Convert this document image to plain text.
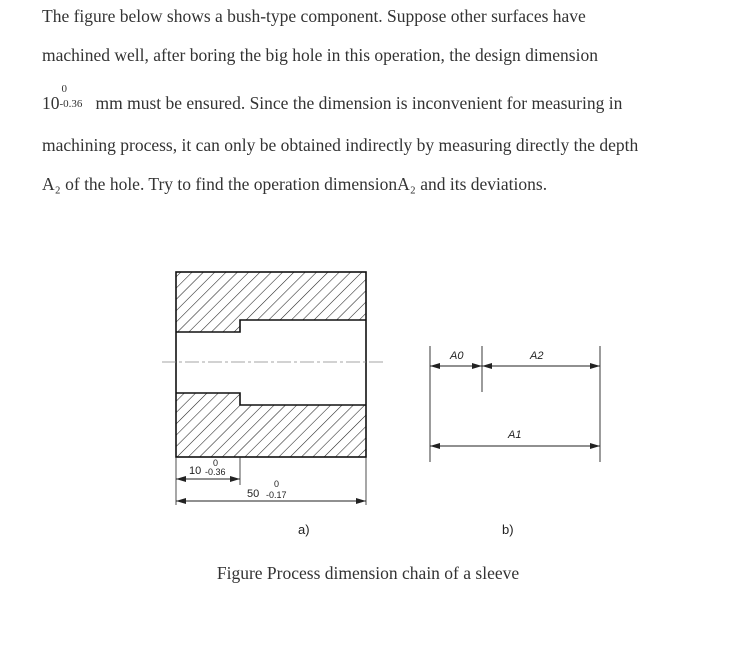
The figure below shows a bush-type component. Suppose other surfaces have
machined well, after boring the big hole in this operation, the design dimension
10
0
-0.36 mm must be ensured. Since the dimension is inconvenient for measuring in
machining process, it can only be obtained indirectly by measuring directly the depth
A₂ of the hole. Try to find the operation dimensionA₂ and its deviations.
10
0
-0.36
50
0
-0.17
a)
A0	A2
A1
b)
Figure Process dimension chain of a sleeve
